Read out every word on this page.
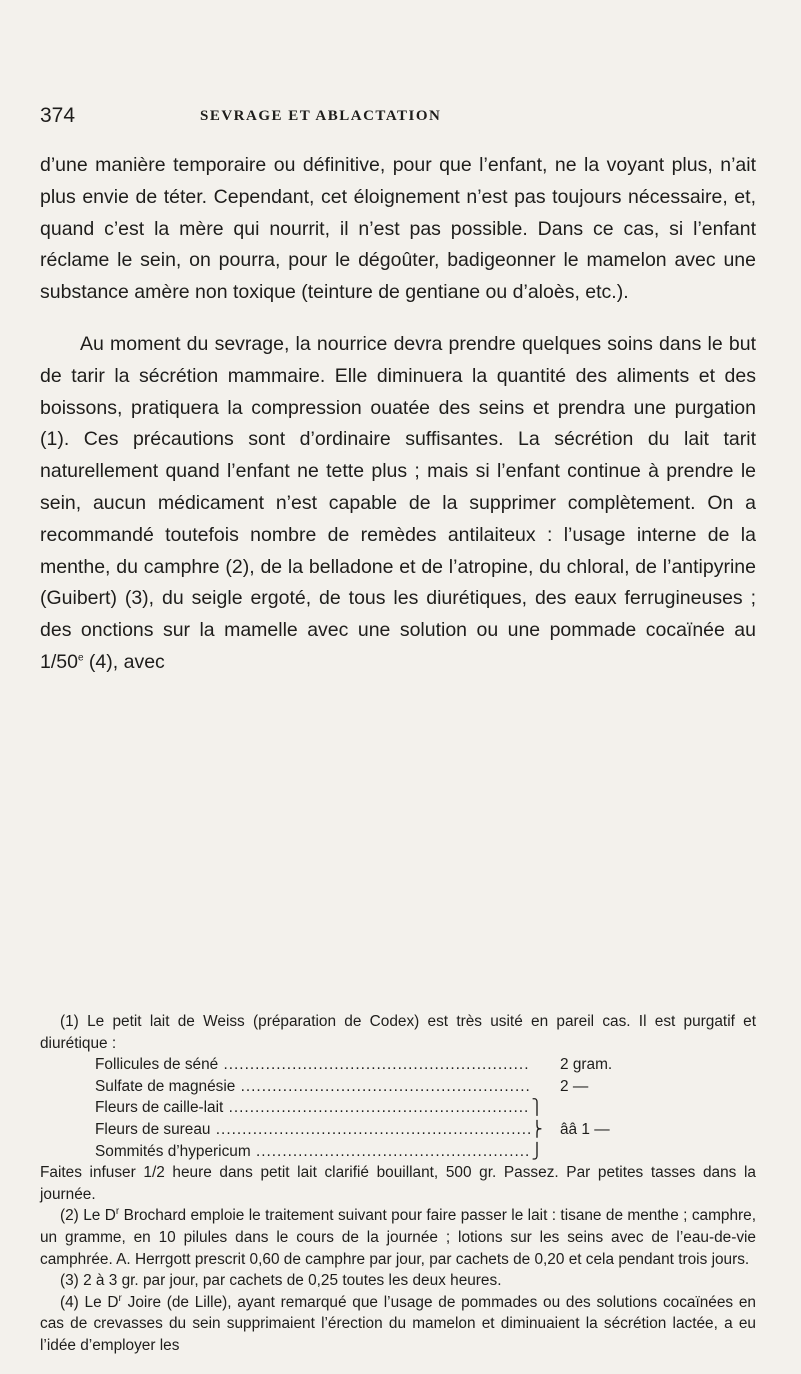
374	SEVRAGE ET ABLACTATION

d’une manière temporaire ou définitive, pour que l’enfant, ne la voyant plus, n’ait plus envie de téter. Cependant, cet éloignement n’est pas toujours nécessaire, et, quand c’est la mère qui nourrit, il n’est pas possible. Dans ce cas, si l’enfant réclame le sein, on pourra, pour le dégoûter, badigeonner le mamelon avec une substance amère non toxique (teinture de gentiane ou d’aloès, etc.).

Au moment du sevrage, la nourrice devra prendre quelques soins dans le but de tarir la sécrétion mammaire. Elle diminuera la quantité des aliments et des boissons, pratiquera la compression ouatée des seins et prendra une purgation (1). Ces précautions sont d’ordinaire suffisantes. La sécrétion du lait tarit naturellement quand l’enfant ne tette plus ; mais si l’enfant continue à prendre le sein, aucun médicament n’est capable de la supprimer complètement. On a recommandé toutefois nombre de remèdes antilaiteux : l’usage interne de la menthe, du camphre (2), de la belladone et de l’atropine, du chloral, de l’antipyrine (Guibert) (3), du seigle ergoté, de tous les diurétiques, des eaux ferrugineuses ; des onctions sur la mamelle avec une solution ou une pommade cocaïnée au 1/50e (4), avec

(1) Le petit lait de Weiss (préparation de Codex) est très usité en pareil cas. Il est purgatif et diurétique :

Follicules de séné .....	2 gram.
Sulfate de magnésie .....	2 —
Fleurs de caille-lait .....	⎫
Fleurs de sureau .....	⎬	ââ 1 —
Sommités d’hypericum .....	⎭

Faites infuser 1/2 heure dans petit lait clarifié bouillant, 500 gr. Passez. Par petites tasses dans la journée.

(2) Le $D^r$ Brochard emploie le traitement suivant pour faire passer le lait : tisane de menthe ; camphre, un gramme, en 10 pilules dans le cours de la journée ; lotions sur les seins avec de l’eau-de-vie camphrée. A. Herrgott prescrit 0,60 de camphre par jour, par cachets de 0,20 et cela pendant trois jours.

(3) 2 à 3 gr. par jour, par cachets de 0,25 toutes les deux heures.

(4) Le $D^r$ Joire (de Lille), ayant remarqué que l’usage de pommades ou des solutions cocaïnées en cas de crevasses du sein supprimaient l’érection du mamelon et diminuaient la sécrétion lactée, a eu l’idée d’employer les
